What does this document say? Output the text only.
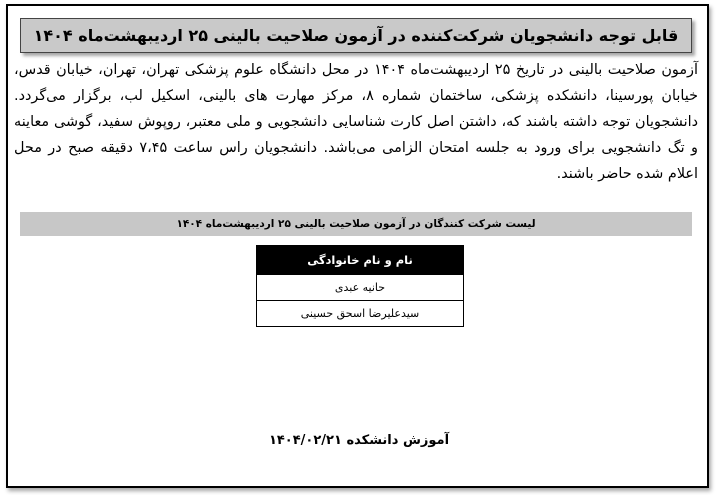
قابل توجه دانشجویان شرکت‌کننده در آزمون صلاحیت بالینی ۲۵ اردیبهشت‌ماه ۱۴۰۴
آزمون صلاحیت بالینی در تاریخ ۲۵ اردیبهشت‌ماه ۱۴۰۴ در محل دانشگاه علوم پزشکی تهران، تهران، خیابان قدس، خیابان پورسینا، دانشکده پزشکی، ساختمان شماره ۸، مرکز مهارت های بالینی، اسکیل لب، برگزار می‌گردد. دانشجویان توجه داشته باشند که، داشتن اصل کارت شناسایی دانشجویی و ملی معتبر، روپوش سفید، گوشی معاینه و تگ دانشجویی برای ورود به جلسه امتحان الزامی می‌باشد. دانشجویان راس ساعت ۷،۴۵ دقیقه صبح در محل اعلام شده حاضر باشند.
لیست شرکت کنندگان در آزمون صلاحیت بالینی ۲۵ اردیبهشت‌ماه ۱۴۰۴
نام و نام خانوادگی
حانیه عبدی
سیدعلیرضا اسحق حسینی
آموزش دانشکده ۱۴۰۴/۰۲/۲۱
